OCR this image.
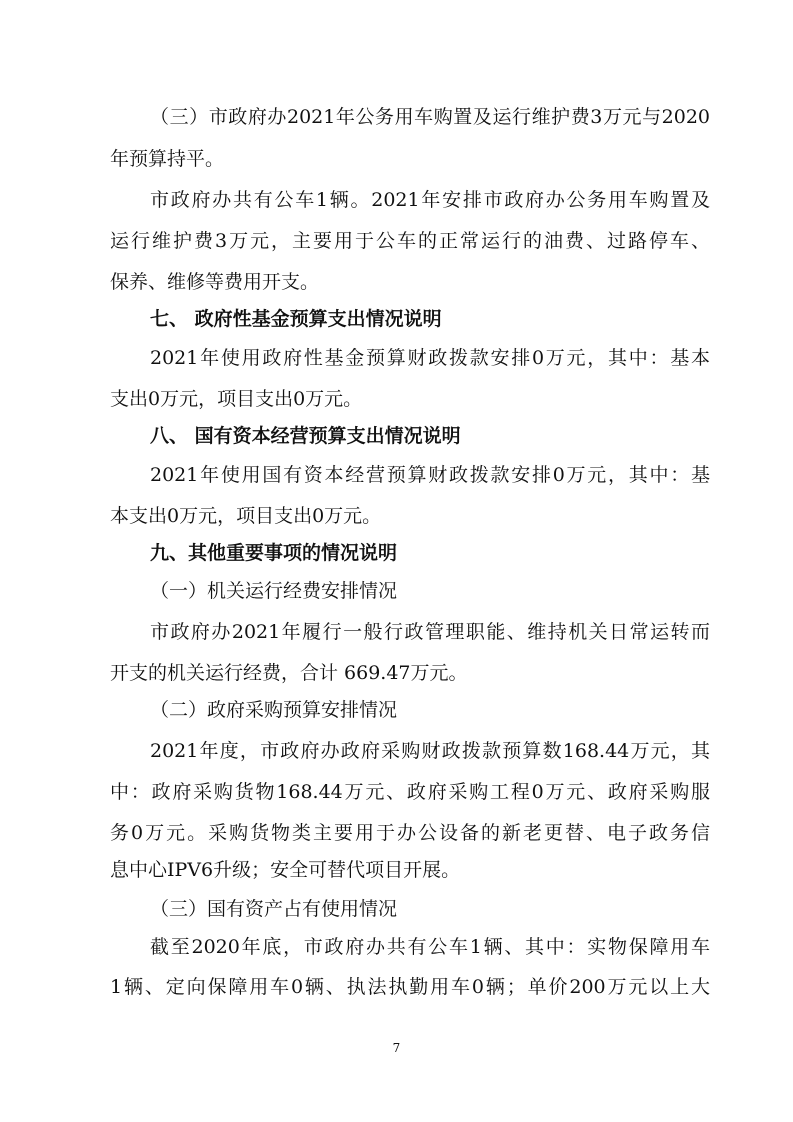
（三）市政府办2021年公务用车购置及运行维护费3万元与2020
年预算持平。
市政府办共有公车1辆。2021年安排市政府办公务用车购置及
运行维护费3万元，主要用于公车的正常运行的油费、过路停车、
保养、维修等费用开支。
七、 政府性基金预算支出情况说明
2021年使用政府性基金预算财政拨款安排0万元，其中：基本
支出0万元，项目支出0万元。
八、 国有资本经营预算支出情况说明
2021年使用国有资本经营预算财政拨款安排0万元，其中：基
本支出0万元，项目支出0万元。
九、其他重要事项的情况说明
（一）机关运行经费安排情况
市政府办2021年履行一般行政管理职能、维持机关日常运转而
开支的机关运行经费，合计 669.47万元。
（二）政府采购预算安排情况
2021年度，市政府办政府采购财政拨款预算数168.44万元，其
中：政府采购货物168.44万元、政府采购工程0万元、政府采购服
务0万元。采购货物类主要用于办公设备的新老更替、电子政务信
息中心IPV6升级；安全可替代项目开展。
（三）国有资产占有使用情况
截至2020年底，市政府办共有公车1辆、其中：实物保障用车
1辆、定向保障用车0辆、执法执勤用车0辆；单价200万元以上大
7
